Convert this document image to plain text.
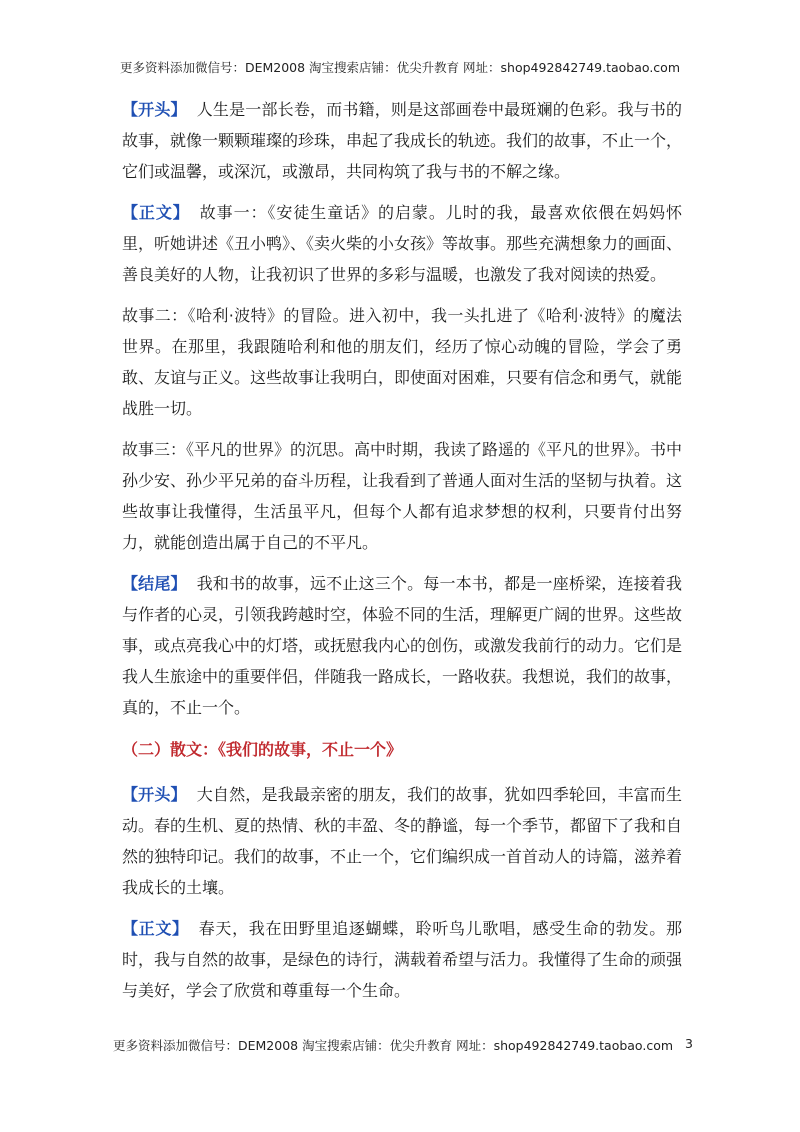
更多资料添加微信号：DEM2008 淘宝搜索店铺：优尖升教育 网址：shop492842749.taobao.com

【开头】 人生是一部长卷，而书籍，则是这部画卷中最斑斓的色彩。我与书的故事，就像一颗颗璀璨的珍珠，串起了我成长的轨迹。我们的故事，不止一个，它们或温馨，或深沉，或激昂，共同构筑了我与书的不解之缘。

【正文】 故事一：《安徒生童话》的启蒙。儿时的我，最喜欢依偎在妈妈怀里，听她讲述《丑小鸭》、《卖火柴的小女孩》等故事。那些充满想象力的画面、善良美好的人物，让我初识了世界的多彩与温暖，也激发了我对阅读的热爱。

故事二：《哈利·波特》的冒险。进入初中，我一头扎进了《哈利·波特》的魔法世界。在那里，我跟随哈利和他的朋友们，经历了惊心动魄的冒险，学会了勇敢、友谊与正义。这些故事让我明白，即使面对困难，只要有信念和勇气，就能战胜一切。

故事三：《平凡的世界》的沉思。高中时期，我读了路遥的《平凡的世界》。书中孙少安、孙少平兄弟的奋斗历程，让我看到了普通人面对生活的坚韧与执着。这些故事让我懂得，生活虽平凡，但每个人都有追求梦想的权利，只要肯付出努力，就能创造出属于自己的不平凡。

【结尾】 我和书的故事，远不止这三个。每一本书，都是一座桥梁，连接着我与作者的心灵，引领我跨越时空，体验不同的生活，理解更广阔的世界。这些故事，或点亮我心中的灯塔，或抚慰我内心的创伤，或激发我前行的动力。它们是我人生旅途中的重要伴侣，伴随我一路成长，一路收获。我想说，我们的故事，真的，不止一个。

（二）散文：《我们的故事，不止一个》

【开头】 大自然，是我最亲密的朋友，我们的故事，犹如四季轮回，丰富而生动。春的生机、夏的热情、秋的丰盈、冬的静谧，每一个季节，都留下了我和自然的独特印记。我们的故事，不止一个，它们编织成一首首动人的诗篇，滋养着我成长的土壤。

【正文】 春天，我在田野里追逐蝴蝶，聆听鸟儿歌唱，感受生命的勃发。那时，我与自然的故事，是绿色的诗行，满载着希望与活力。我懂得了生命的顽强与美好，学会了欣赏和尊重每一个生命。

更多资料添加微信号：DEM2008 淘宝搜索店铺：优尖升教育 网址：shop492842749.taobao.com 3
